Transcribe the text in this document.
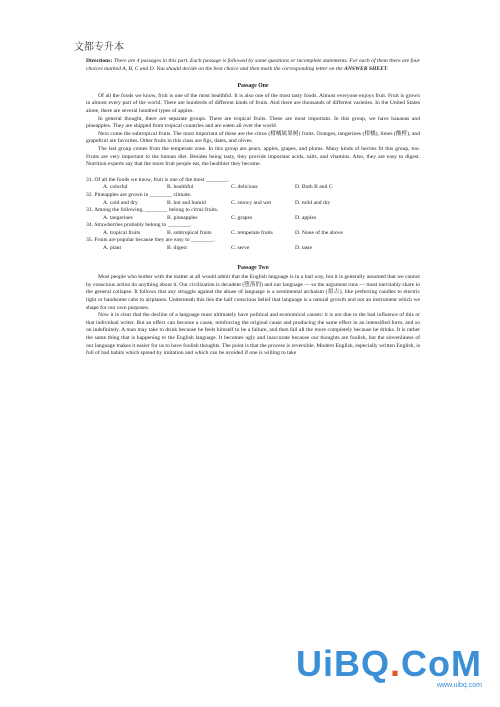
文都专升本
Directions: There are 4 passages in this part. Each passage is followed by some questions or incomplete statements. For each of them there are four choices marked A, B, C and D. You should decide on the best choice and then mark the corresponding letter on the ANSWER SHEET.
Passage One

Of all the foods we know, fruit is one of the most healthful. It is also one of the most tasty foods. Almost everyone enjoys fruit. Fruit is grown in almost every part of the world. There are hundreds of different kinds of fruits. And there are thousands of different varieties. In the United States alone, there are several hundred types of apples.

In general thought, there are separate groups. There are tropical fruits. These are most important. In this group, we have bananas and pineapples. They are shipped from tropical countries and are eaten all over the world.

Next come the subtropical fruits. The most important of these are the citrus (柑橘属果树) fruits. Oranges, tangerines (柑橘), limes (酸橙), and grapefruit are favorites. Other fruits in this class are figs, dates, and olives.

The last group comes from the temperate zone. In this group are pears, apples, grapes, and plums. Many kinds of berries fit this group, too. Fruits are very important to the human diet. Besides being tasty, they provide important acids, salts, and vitamins. Also, they are easy to digest. Nutrition experts say that the more fruit people eat, the healthier they become.

31. Of all the foods we know, fruit is one of the most ________.
A. colorful	B. healthful	C. delicious	D. Both B and C
32. Pineapples are grown in ________ climate.
A. cold and dry	B. hot and humid	C. snowy and wet	D. mild and dry
33. Among the following, ________ belong to citrus fruits.
A. tangerines	B. pineapples	C. grapes	D. apples
34. Strawberries probably belong to ________.
A. tropical fruits	B. subtropical fruits	C. temperate fruits	D. None of the above
35. Fruits are popular because they are easy to ________.
A. plant	B. digest	C. serve	D. taste
Passage Two

Most people who bother with the matter at all would admit that the English language is in a bad way, but it is generally assumed that we cannot by conscious action do anything about it. Our civilization is decadent (堕落的) and our language — so the argument runs — must inevitably share in the general collapse. It follows that any struggle against the abuse of language is a sentimental archaism (拟古), like preferring candles to electric light or handsome cabs to airplanes. Underneath this lies the half conscious belief that language is a natural growth and not an instrument which we shape for our own purposes.

Now it is clear that the decline of a language must ultimately have political and economical causes: it is not due to the bad influence of this or that individual writer. But an effect can become a cause, reinforcing the original cause and producing the same effect in an intensified form, and so on indefinitely. A man may take to drink because he feels himself to be a failure, and then fail all the more completely because he drinks. It is rather the same thing that is happening to the English language. It becomes ugly and inaccurate because our thoughts are foolish, but the slovenliness of our language makes it easier for us to have foolish thoughts. The point is that the process is reversible. Modern English, especially written English, is full of bad habits which spread by imitation and which can be avoided if one is willing to take

UiBQ.CoM
www.uibq.com
